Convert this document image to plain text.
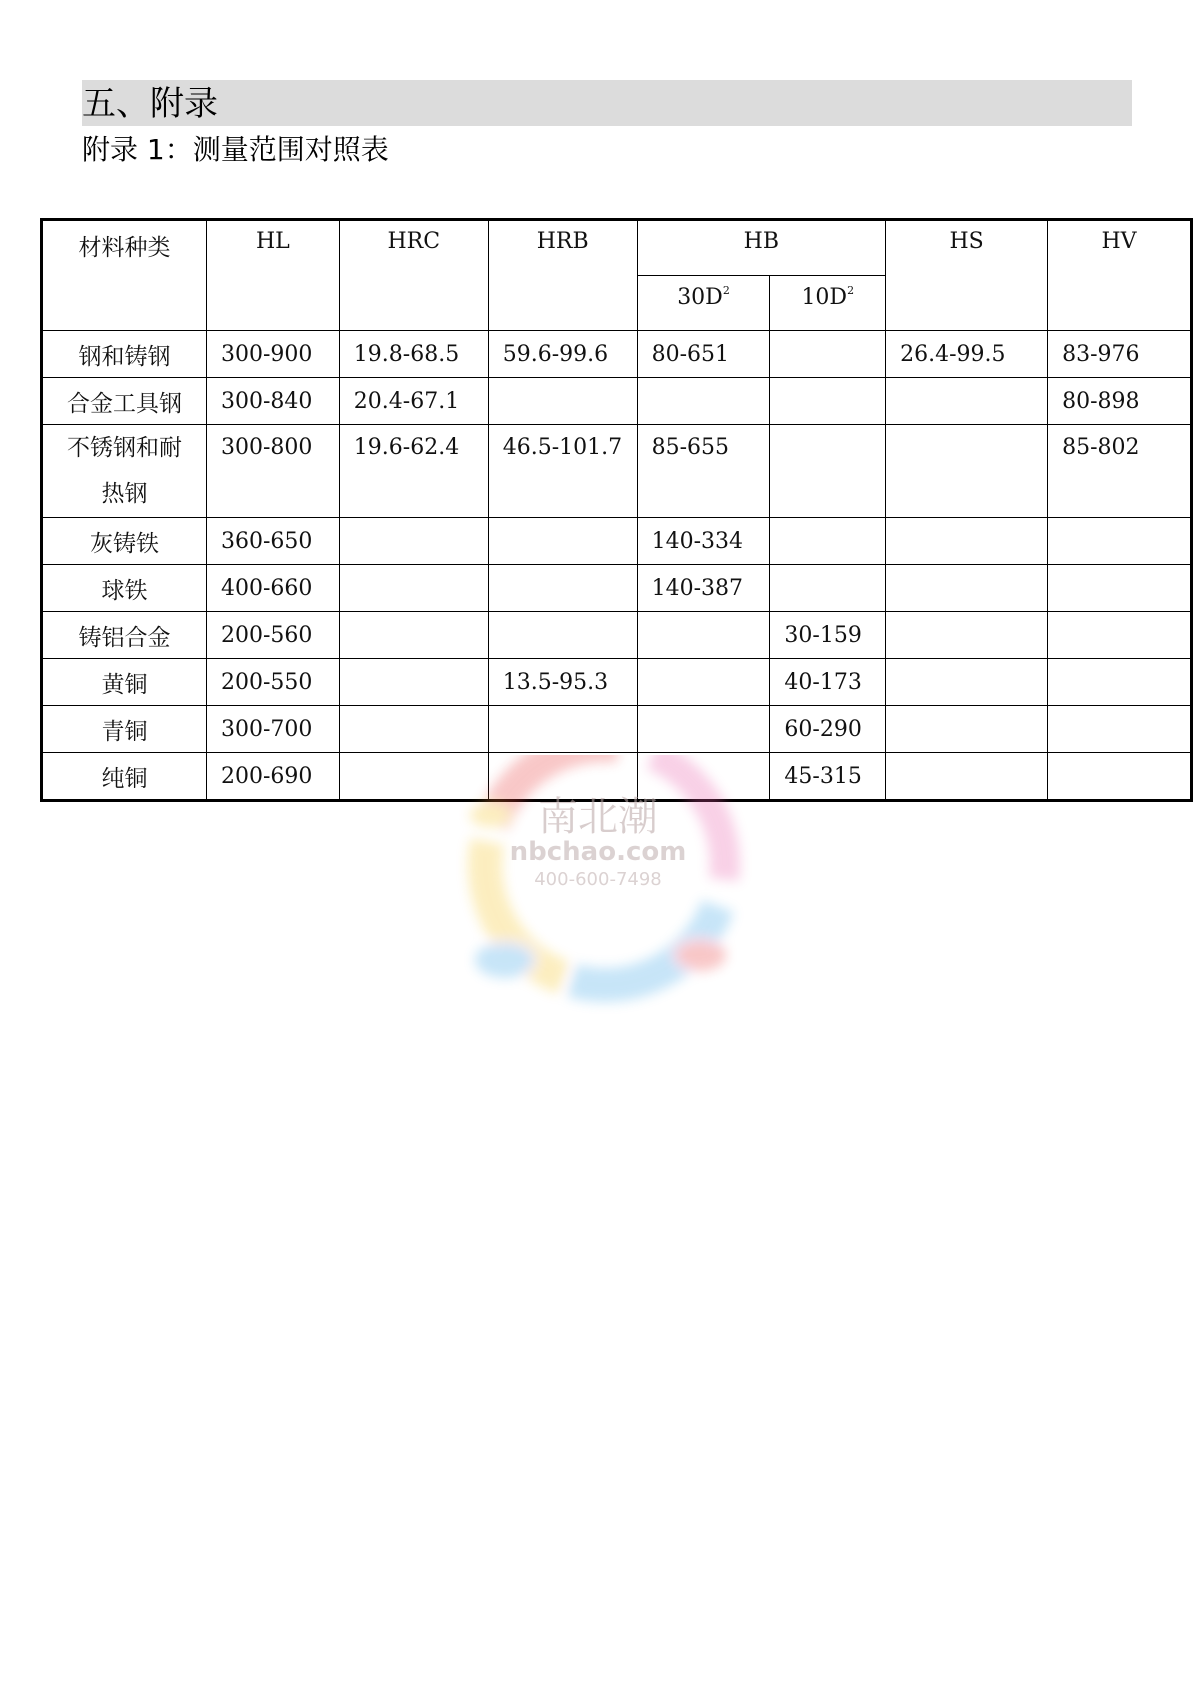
五、附录
附录 1：测量范围对照表
材料种类	HL	HRC	HRB	HB		HS	HV
				$30D^2$	$10D^2$
钢和铸钢	300-900	19.8-68.5	59.6-99.6	80-651		26.4-99.5	83-976
合金工具钢	300-840	20.4-67.1					80-898
不锈钢和耐热钢	300-800	19.6-62.4	46.5-101.7	85-655			85-802
灰铸铁	360-650			140-334			
球铁	400-660			140-387			
铸铝合金	200-560				30-159		
黄铜	200-550		13.5-95.3		40-173		
青铜	300-700				60-290		
纯铜	200-690				45-315		
南北潮
nbchao.com
400-600-7498
